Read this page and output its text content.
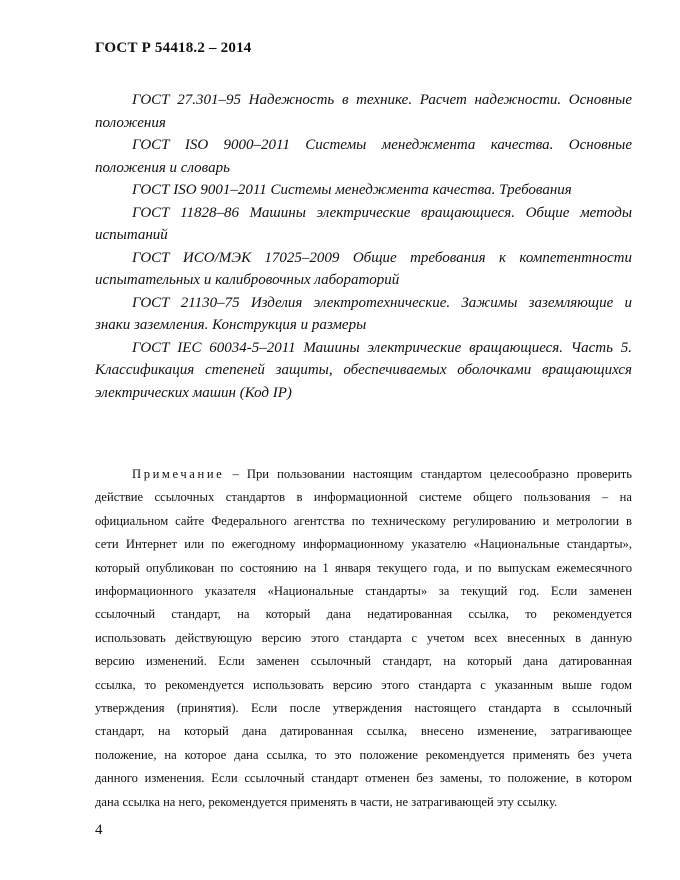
ГОСТ Р 54418.2 – 2014
ГОСТ 27.301–95 Надежность в технике. Расчет надежности. Основные
положения
ГОСТ ISO 9000–2011 Системы менеджмента качества. Основные
положения и словарь
ГОСТ ISO 9001–2011 Системы менеджмента качества. Требования
ГОСТ 11828–86 Машины электрические вращающиеся. Общие методы
испытаний
ГОСТ ИСО/МЭК 17025–2009 Общие требования к компетентности
испытательных и калибровочных лабораторий
ГОСТ 21130–75 Изделия электротехнические. Зажимы заземляющие и
знаки заземления. Конструкция и размеры
ГОСТ IEC 60034-5–2011 Машины электрические вращающиеся. Часть 5.
Классификация степеней защиты, обеспечиваемых оболочками вращающихся
электрических машин (Код IP)
Примечание – При пользовании настоящим стандартом целесообразно проверить
действие ссылочных стандартов в информационной системе общего пользования – на
официальном сайте Федерального агентства по техническому регулированию и метрологии в
сети Интернет или по ежегодному информационному указателю «Национальные стандарты»,
который опубликован по состоянию на 1 января текущего года, и по выпускам ежемесячного
информационного указателя «Национальные стандарты» за текущий год. Если заменен
ссылочный стандарт, на который дана недатированная ссылка, то рекомендуется
использовать действующую версию этого стандарта с учетом всех внесенных в данную
версию изменений. Если заменен ссылочный стандарт, на который дана датированная
ссылка, то рекомендуется использовать версию этого стандарта с указанным выше годом
утверждения (принятия). Если после утверждения настоящего стандарта в ссылочный
стандарт, на который дана датированная ссылка, внесено изменение, затрагивающее
положение, на которое дана ссылка, то это положение рекомендуется применять без учета
данного изменения. Если ссылочный стандарт отменен без замены, то положение, в котором
дана ссылка на него, рекомендуется применять в части, не затрагивающей эту ссылку.
4
